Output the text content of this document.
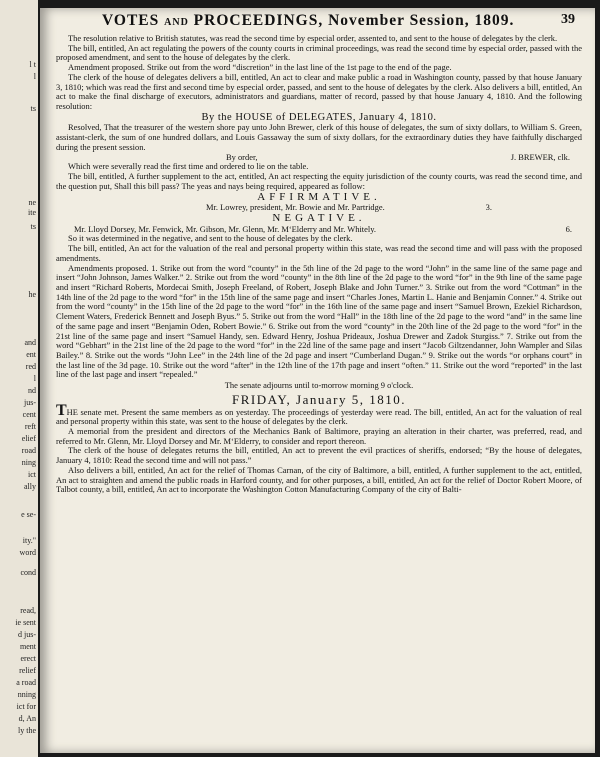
l t
l
ts
ne
ite
ts
he
and
ent
red
l
nd
jus-
cent
reft
elief
road
ning
ict
ally
e se-
ity."
word
cond
read,
ie sent
d jus-
ment
erect
relief
a road
nning
ict for
d, An
ly the
VOTES AND PROCEEDINGS, November Session, 1809.	39

The resolution relative to British statutes, was read the second time by especial order, assented to, and sent to the house of delegates by the clerk.

The bill, entitled, An act regulating the powers of the county courts in criminal proceedings, was read the second time by especial order, passed with the proposed amendment, and sent to the house of delegates by the clerk.

Amendment proposed. Strike out from the word “discretion” in the last line of the 1st page to the end of the page.

The clerk of the house of delegates delivers a bill, entitled, An act to clear and make public a road in Washington county, passed by that house January 3, 1810; which was read the first and second time by especial order, passed, and sent to the house of delegates by the clerk. Also delivers a bill, entitled, An act to make the final discharge of executors, administrators and guardians, matter of record, passed by that house January 4, 1810. And the following resolution:

By the HOUSE of DELEGATES, January 4, 1810.

Resolved, That the treasurer of the western shore pay unto John Brewer, clerk of this house of delegates, the sum of sixty dollars, to William S. Green, assistant-clerk, the sum of one hundred dollars, and Louis Gassaway the sum of sixty dollars, for the extraordinary duties they have faithfully discharged during the present session.

By order,	J. BREWER, clk.

Which were severally read the first time and ordered to lie on the table.

The bill, entitled, A further supplement to the act, entitled, An act respecting the equity jurisdiction of the county courts, was read the second time, and the question put, Shall this bill pass? The yeas and nays being required, appeared as follow:

AFFIRMATIVE.

Mr. Lowrey, president, Mr. Bowie and Mr. Partridge.	3.

NEGATIVE.

Mr. Lloyd Dorsey, Mr. Fenwick, Mr. Gibson, Mr. Glenn, Mr. M‘Elderry and Mr. Whitely.	6.

So it was determined in the negative, and sent to the house of delegates by the clerk.

The bill, entitled, An act for the valuation of the real and personal property within this state, was read the second time and will pass with the proposed amendments.

Amendments proposed. 1. Strike out from the word “county” in the 5th line of the 2d page to the word “John” in the same line of the same page and insert “John Johnson, James Walker.” 2. Strike out from the word “county” in the 8th line of the 2d page to the word “for” in the 9th line of the same page and insert “Richard Roberts, Mordecai Smith, Joseph Freeland, of Robert, Joseph Blake and John Turner.” 3. Strike out from the word “Cottman” in the 14th line of the 2d page to the word “for” in the 15th line of the same page and insert “Charles Jones, Martin L. Hanie and Benjamin Conner.” 4. Strike out from the word “county” in the 15th line of the 2d page to the word “for” in the 16th line of the same page and insert “Samuel Brown, Ezekiel Richardson, Clement Waters, Frederick Bennett and Joseph Byus.” 5. Strike out from the word “Hall” in the 18th line of the 2d page to the word “and” in the same line of the same page and insert “Benjamin Oden, Robert Bowie.” 6. Strike out from the word “county” in the 20th line of the 2d page to the word “for” in the 21st line of the same page and insert “Samuel Handy, sen. Edward Henry, Joshua Prideaux, Joshua Drewer and Zadok Sturgiss.” 7. Strike out from the word “Gebhart” in the 21st line of the 2d page to the word “for” in the 22d line of the same page and insert “Jacob Giltzendanner, John Wampler and Silas Bailey.” 8. Strike out the words “John Lee” in the 24th line of the 2d page and insert “Cumberland Dugan.” 9. Strike out the words “or orphans court” in the last line of the 3d page. 10. Strike out the word “after” in the 12th line of the 17th page and insert “often.” 11. Strike out the word “reported” in the last line of the last page and insert “repealed.”

The senate adjourns until to-morrow morning 9 o'clock.

FRIDAY, January 5, 1810.

THE senate met. Present the same members as on yesterday. The proceedings of yesterday were read. The bill, entitled, An act for the valuation of real and personal property within this state, was sent to the house of delegates by the clerk.

A memorial from the president and directors of the Mechanics Bank of Baltimore, praying an alteration in their charter, was preferred, read, and referred to Mr. Glenn, Mr. Lloyd Dorsey and Mr. M‘Elderry, to consider and report thereon.

The clerk of the house of delegates returns the bill, entitled, An act to prevent the evil practices of sheriffs, endorsed; “By the house of delegates, January 4, 1810: Read the second time and will not pass.”

Also delivers a bill, entitled, An act for the relief of Thomas Carnan, of the city of Baltimore, a bill, entitled, A further supplement to the act, entitled, An act to straighten and amend the public roads in Harford county, and for other purposes, a bill, entitled, An act for the relief of Doctor Robert Moore, of Talbot county, a bill, entitled, An act to incorporate the Washington Cotton Manufacturing Company of the city of Balti-
